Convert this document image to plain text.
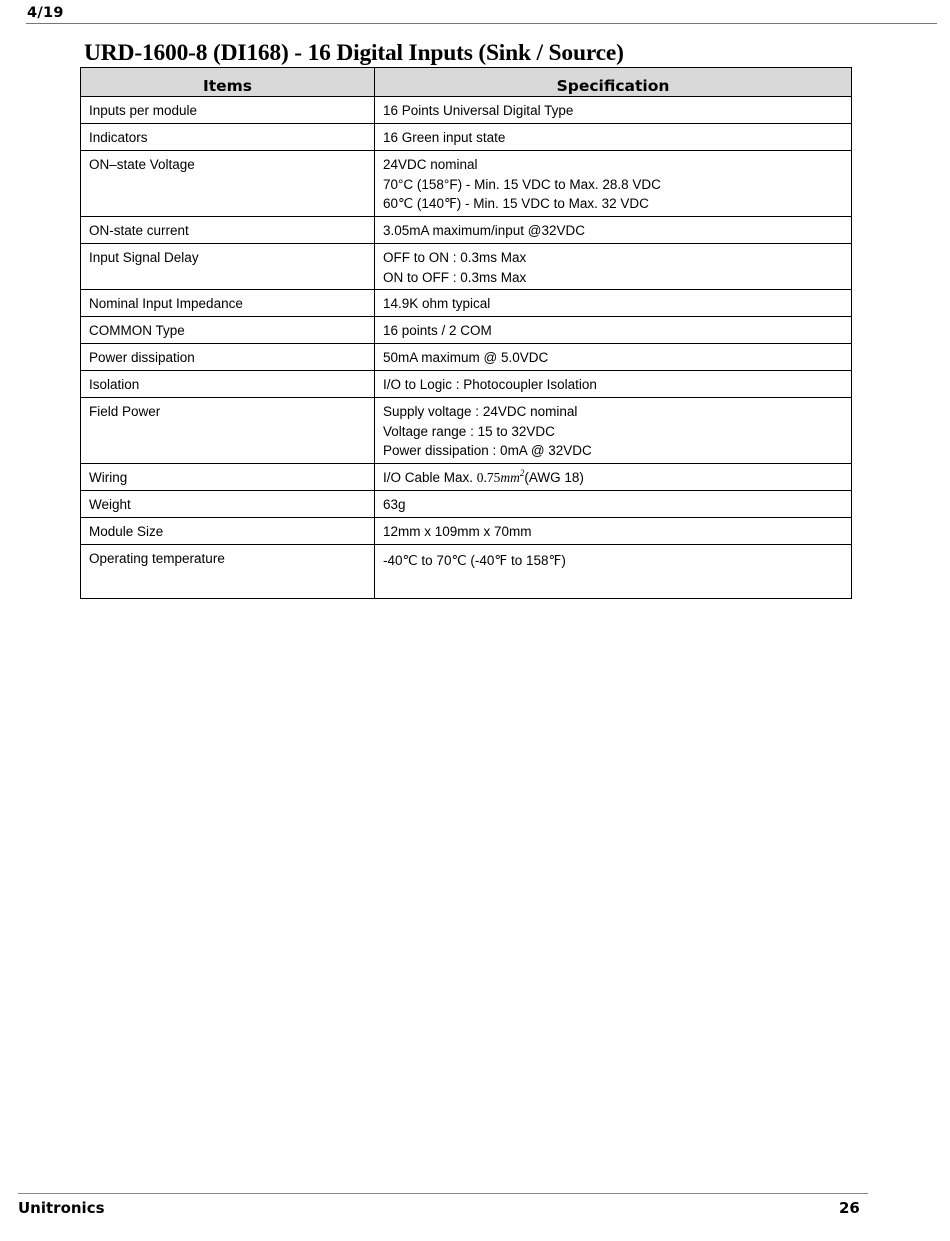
4/19
URD-1600-8 (DI168) - 16 Digital Inputs (Sink / Source)
Items	Specification
Inputs per module	16 Points Universal Digital Type

Indicators	16 Green input state

ON–state Voltage	24VDC nominal
70°C (158°F) - Min. 15 VDC to Max. 28.8 VDC
60℃ (140℉) - Min. 15 VDC to Max. 32 VDC

ON-state current	3.05mA maximum/input @32VDC

Input Signal Delay	OFF to ON : 0.3ms Max
ON to OFF : 0.3ms Max

Nominal Input Impedance	14.9K ohm typical

COMMON Type	16 points / 2 COM

Power dissipation	50mA maximum @ 5.0VDC

Isolation	I/O to Logic : Photocoupler Isolation

Field Power	Supply voltage : 24VDC nominal
Voltage range : 15 to 32VDC
Power dissipation : 0mA @ 32VDC

Wiring	I/O Cable Max. $0.75mm^2(AWG$ 18)

Weight	63g

Module Size	12mm x 109mm x 70mm

Operating temperature	-40℃ to 70℃ (-40℉ to 158℉)
Unitronics	26
